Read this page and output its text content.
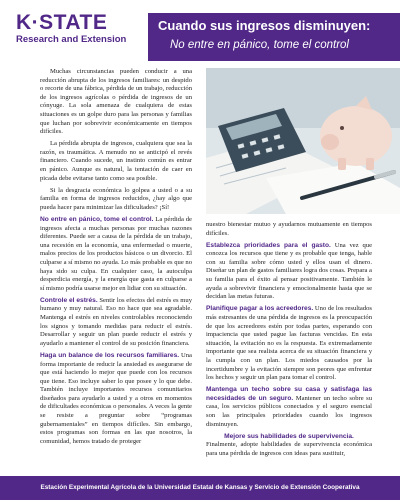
K·STATE
Research and Extension
Cuando sus ingresos disminuyen:
No entre en pánico, tome el control

Muchas circunstancias pueden conducir a una reducción abrupta de los ingresos familiares: un despido o recorte de una fábrica, pérdida de un trabajo, reducción de los ingresos agrícolas o pérdida de ingresos de un cónyuge. La sola amenaza de cualquiera de estas situaciones es un golpe duro para las personas y familias que luchan por sobrevivir económicamente en tiempos difíciles.

La pérdida abrupta de ingresos, cualquiera que sea la razón, es traumática. A menudo no se anticipó el revés financiero. Cuando sucede, un instinto común es entrar en pánico. Aunque es natural, la tentación de caer en picada debe evitarse tanto como sea posible.

Si la desgracia económica lo golpea a usted o a su familia en forma de ingresos reducidos, ¿hay algo que pueda hacer para minimizar las dificultades? ¡Sí!

No entre en pánico, tome el control. La pérdida de ingresos afecta a muchas personas por muchas razones diferentes. Puede ser a causa de la pérdida de un trabajo, una recesión en la economía, una enfermedad o muerte, malos precios de los productos básicos o un divorcio. El culparse a sí mismo no ayuda. Lo más probable es que no haya sido su culpa. En cualquier caso, la autoculpa desperdicia energía, y la energía que gasta en culparse a sí mismo podría usarse mejor en lidiar con su situación.

Controle el estrés. Sentir los efectos del estrés es muy humano y muy natural. Eso no hace que sea agradable. Mantenga el estrés en niveles controlables reconociendo los signos y tomando medidas para reducir el estrés. Desarrollar y seguir un plan puede reducir el estrés y ayudarlo a mantener el control de su posición financiera.

Haga un balance de los recursos familiares. Una forma importante de reducir la ansiedad es asegurarse de que está haciendo lo mejor que puede con los recursos que tiene. Eso incluye saber lo que posee y lo que debe. También incluye importantes recursos comunitarios diseñados para ayudarlo a usted y a otros en momentos de dificultades económicas o personales. A veces la gente se resiste a preguntar sobre “programas gubernamentales” en tiempos difíciles. Sin embargo, estos programas son formas en las que nosotros, la comunidad, hemos tratado de proteger

nuestro bienestar mutuo y ayudarnos mutuamente en tiempos difíciles.

Establezca prioridades para el gasto. Una vez que conozca los recursos que tiene y es probable que tenga, hable con su familia sobre cómo usted y ellos usan el dinero. Diseñar un plan de gastos familiares logra dos cosas. Prepara a su familia para el éxito al pensar positivamente. También le ayuda a sobrevivir financiera y emocionalmente hasta que se decidan las metas futuras.

Planifique pagar a los acreedores. Uno de los resultados más estresantes de una pérdida de ingresos es la preocupación de que los acreedores estén por todas partes, esperando con impaciencia que usted pague las facturas vencidas. En esta situación, la evitación no es la respuesta. Es extremadamente importante que sea realista acerca de su situación financiera y la cumpla con un plan. Los miedos causados por la incertidumbre y la evitación siempre son peores que enfrentar los hechos y seguir un plan para tomar el control.

Mantenga un techo sobre su casa y satisfaga las necesidades de un seguro. Mantener un techo sobre su casa, los servicios públicos conectados y el seguro esencial son las principales prioridades cuando los ingresos disminuyen.

Mejore sus habilidades de supervivencia.
Finalmente, adopte habilidades de supervivencia económica para una pérdida de ingresos con ideas para sustituir,

Estación Experimental Agrícola de la Universidad Estatal de Kansas y Servicio de Extensión Cooperativa
